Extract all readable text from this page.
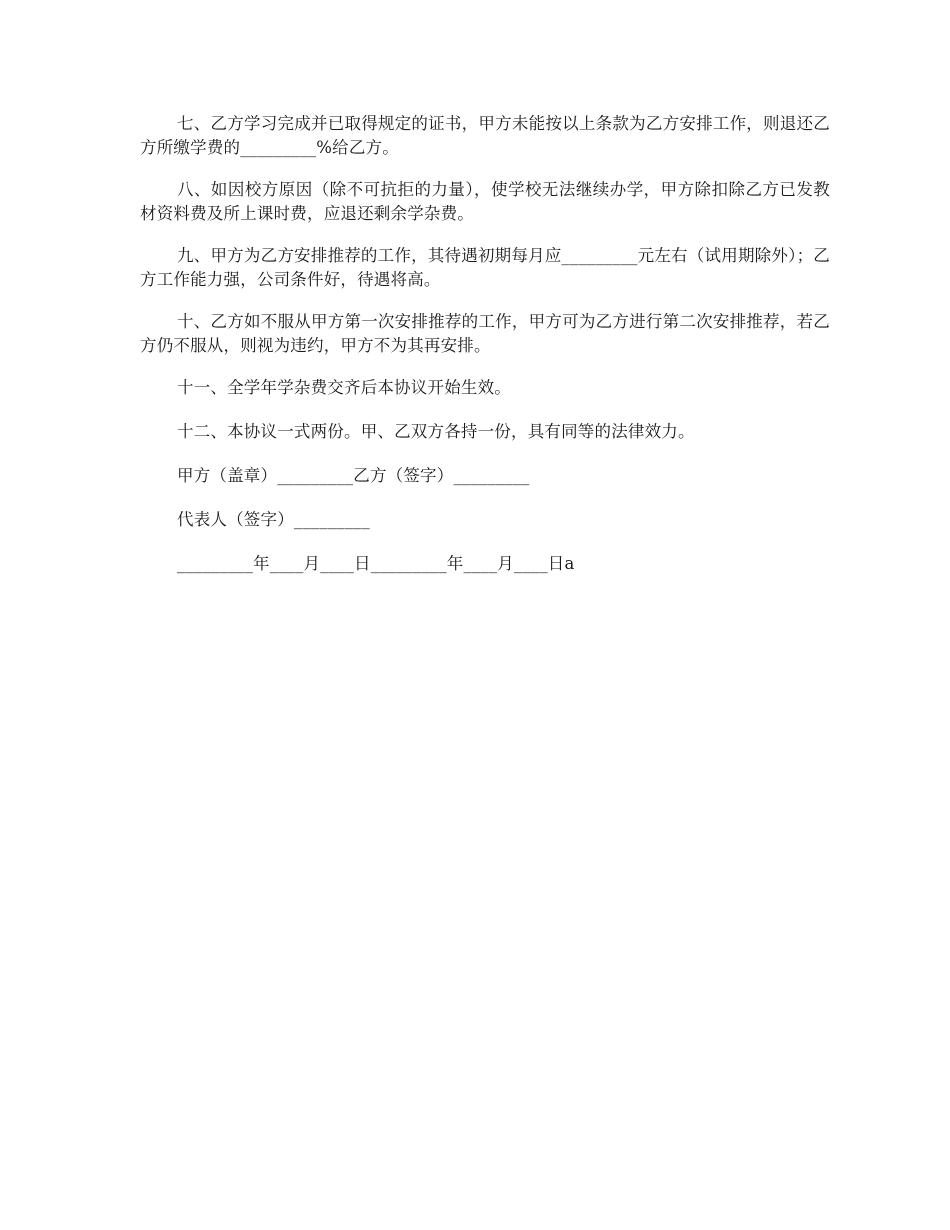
七、乙方学习完成并已取得规定的证书，甲方未能按以上条款为乙方安排工作，则退还乙方所缴学费的_________%给乙方。

八、如因校方原因（除不可抗拒的力量），使学校无法继续办学，甲方除扣除乙方已发教材资料费及所上课时费，应退还剩余学杂费。

九、甲方为乙方安排推荐的工作，其待遇初期每月应_________元左右（试用期除外）；乙方工作能力强，公司条件好，待遇将高。

十、乙方如不服从甲方第一次安排推荐的工作，甲方可为乙方进行第二次安排推荐，若乙方仍不服从，则视为违约，甲方不为其再安排。

十一、全学年学杂费交齐后本协议开始生效。

十二、本协议一式两份。甲、乙双方各持一份，具有同等的法律效力。

甲方（盖章）_________乙方（签字）_________

代表人（签字）_________

_________年____月____日_________年____月____日a
